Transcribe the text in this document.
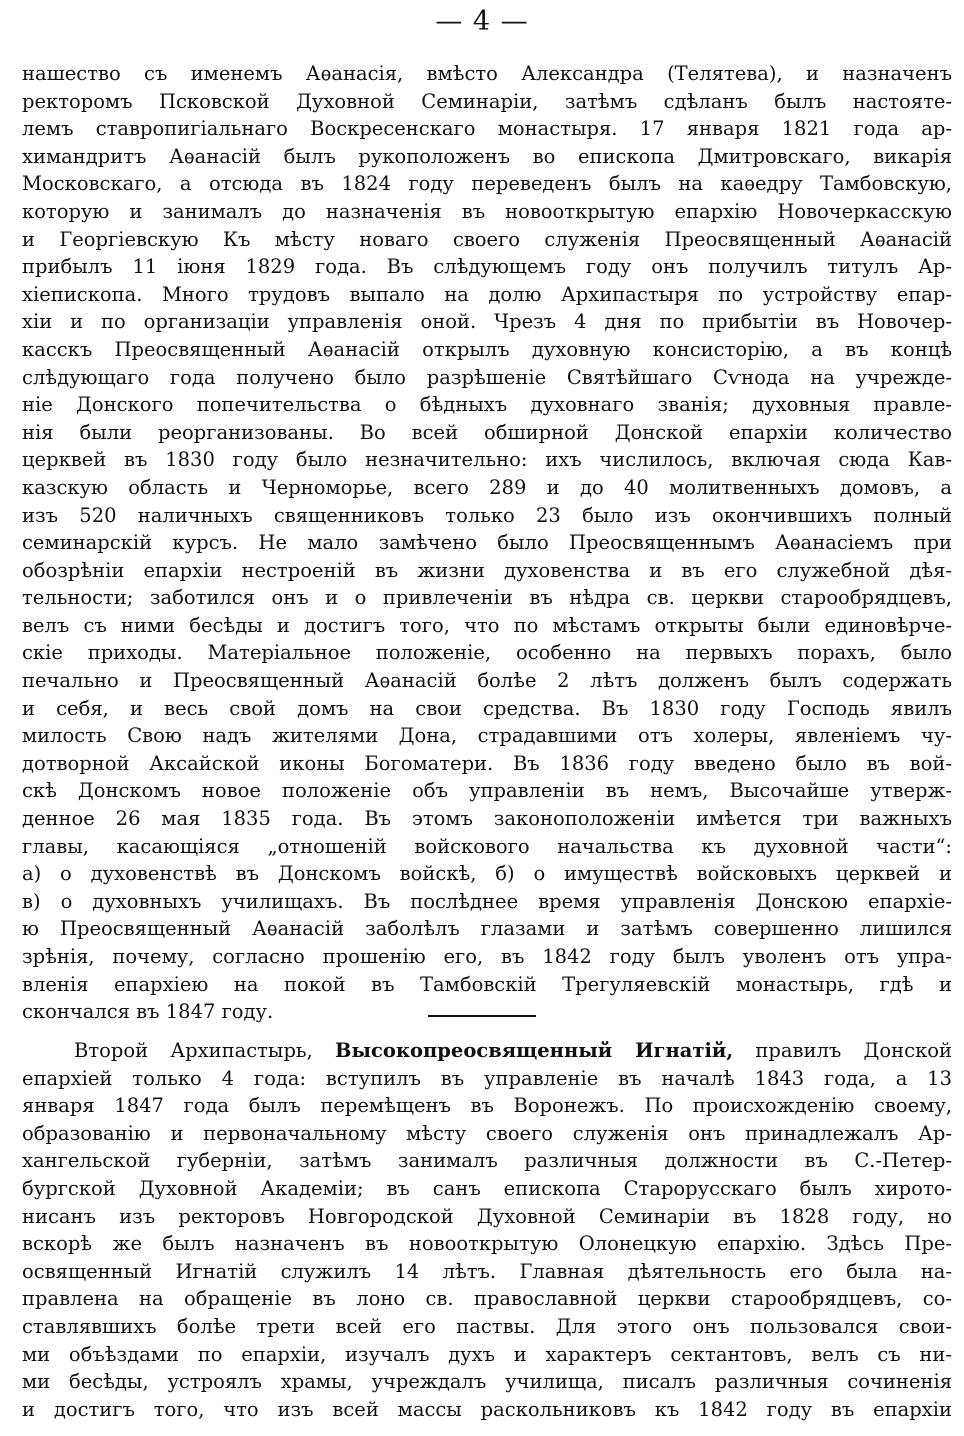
— 4 —
нашество съ именемъ Аѳанасія, вмѣсто Александра (Телятева), и назначенъ
ректоромъ Псковской Духовной Семинаріи, затѣмъ сдѣланъ былъ настояте-
лемъ ставропигіальнаго Воскресенскаго монастыря. 17 января 1821 года ар-
химандритъ Аѳанасій былъ рукоположенъ во епископа Дмитровскаго, викарія
Московскаго, а отсюда въ 1824 году переведенъ былъ на каѳедру Тамбовскую,
которую и занималъ до назначенія въ новооткрытую епархію Новочеркасскую
и Георгіевскую Къ мѣсту новаго своего служенія Преосвященный Аѳанасій
прибылъ 11 іюня 1829 года. Въ слѣдующемъ году онъ получилъ титулъ Ар-
хіепископа. Много трудовъ выпало на долю Архипастыря по устройству епар-
хіи и по организаціи управленія оной. Чрезъ 4 дня по прибытіи въ Новочер-
касскъ Преосвященный Аѳанасій открылъ духовную консисторію, а въ концѣ
слѣдующаго года получено было разрѣшеніе Святѣйшаго Сѵнода на учрежде-
ніе Донского попечительства о бѣдныхъ духовнаго званія; духовныя правле-
нія были реорганизованы. Во всей обширной Донской епархіи количество
церквей въ 1830 году было незначительно: ихъ числилось, включая сюда Кав-
казскую область и Черноморье, всего 289 и до 40 молитвенныхъ домовъ, а
изъ 520 наличныхъ священниковъ только 23 было изъ окончившихъ полный
семинарскій курсъ. Не мало замѣчено было Преосвященнымъ Аѳанасіемъ при
обозрѣніи епархіи нестроеній въ жизни духовенства и въ его служебной дѣя-
тельности; заботился онъ и о привлеченіи въ нѣдра св. церкви старообрядцевъ,
велъ съ ними бесѣды и достигъ того, что по мѣстамъ открыты были единовѣрче-
скіе приходы. Матеріальное положеніе, особенно на первыхъ порахъ, было
печально и Преосвященный Аѳанасій болѣе 2 лѣтъ долженъ былъ содержать
и себя, и весь свой домъ на свои средства. Въ 1830 году Господь явилъ
милость Свою надъ жителями Дона, страдавшими отъ холеры, явленіемъ чу-
дотворной Аксайской иконы Богоматери. Въ 1836 году введено было въ вой-
скѣ Донскомъ новое положеніе объ управленіи въ немъ, Высочайше утверж-
денное 26 мая 1835 года. Въ этомъ законоположеніи имѣется три важныхъ
главы, касающіяся „отношеній войскового начальства къ духовной части“:
а) о духовенствѣ въ Донскомъ войскѣ, б) о имуществѣ войсковыхъ церквей и
в) о духовныхъ училищахъ. Въ послѣднее время управленія Донскою епархіе-
ю Преосвященный Аѳанасій заболѣлъ глазами и затѣмъ совершенно лишился
зрѣнія, почему, согласно прошенію его, въ 1842 году былъ уволенъ отъ упра-
вленія епархіею на покой въ Тамбовскій Трегуляевскій монастырь, гдѣ и
скончался въ 1847 году.
Второй Архипастырь, Высокопреосвященный Игнатій, правилъ Донской
епархіей только 4 года: вступилъ въ управленіе въ началѣ 1843 года, а 13
января 1847 года былъ перемѣщенъ въ Воронежъ. По происхожденію своему,
образованію и первоначальному мѣсту своего служенія онъ принадлежалъ Ар-
хангельской губерніи, затѣмъ занималъ различныя должности въ С.-Петер-
бургской Духовной Академіи; въ санъ епископа Старорусскаго былъ хирото-
нисанъ изъ ректоровъ Новгородской Духовной Семинаріи въ 1828 году, но
вскорѣ же былъ назначенъ въ новооткрытую Олонецкую епархію. Здѣсь Пре-
освященный Игнатій служилъ 14 лѣтъ. Главная дѣятельность его была на-
правлена на обращеніе въ лоно св. православной церкви старообрядцевъ, со-
ставлявшихъ болѣе трети всей его паствы. Для этого онъ пользовался свои-
ми объѣздами по епархіи, изучалъ духъ и характеръ сектантовъ, велъ съ ни-
ми бесѣды, устроялъ храмы, учреждалъ училища, писалъ различныя сочиненія
и достигъ того, что изъ всей массы раскольниковъ къ 1842 году въ епархіи
